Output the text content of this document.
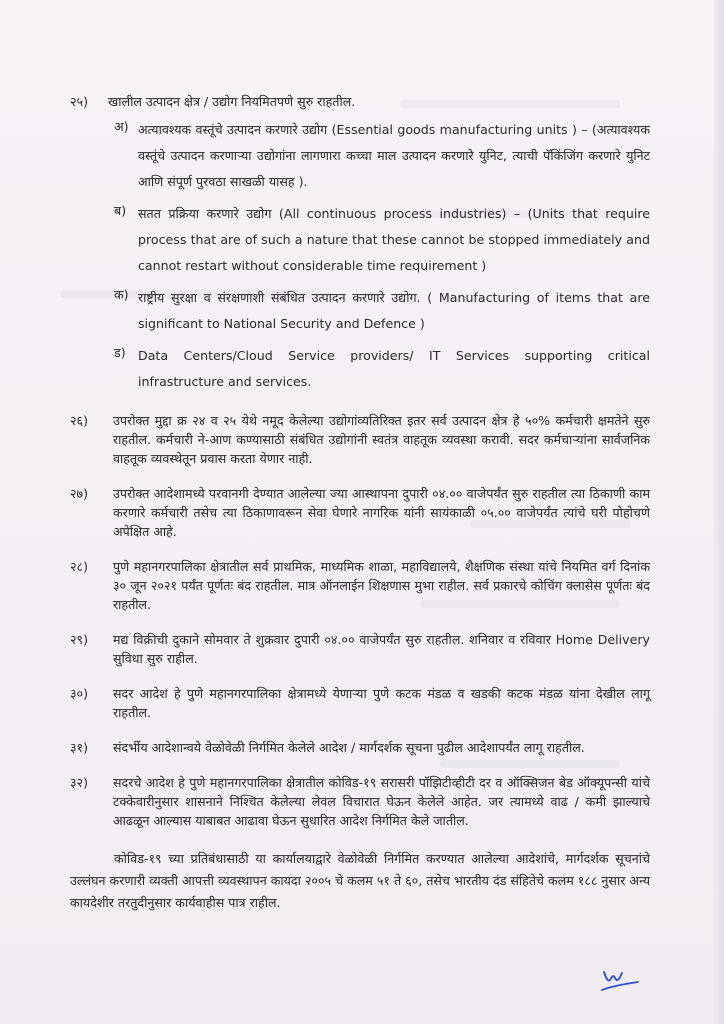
२५)	खालील उत्पादन क्षेत्र / उद्योग नियमितपणे सुरु राहतील.
अ) अत्यावश्यक वस्तूंचे उत्पादन करणारे उद्योग (Essential goods manufacturing units ) – (अत्यावश्यक वस्तूंचे उत्पादन करणाऱ्या उद्योगांना लागणारा कच्चा माल उत्पादन करणारे युनिट, त्याची पॅकिंजिंग करणारे युनिट आणि संपूर्ण पुरवठा साखळी यासह ).
ब) सतत प्रक्रिया करणारे उद्योग (All continuous process industries) – (Units that require process that are of such a nature that these cannot be stopped immediately and cannot restart without considerable time requirement )
क) राष्ट्रीय सुरक्षा व संरक्षणाशी संबंधित उत्पादन करणारे उद्योग. ( Manufacturing of items that are significant to National Security and Defence )
ड) Data Centers/Cloud Service providers/ IT Services supporting critical infrastructure and services.
२६)	उपरोक्त मुद्दा क्र २४ व २५ येथे नमूद केलेल्या उद्योगांव्यतिरिक्त इतर सर्व उत्पादन क्षेत्र हे ५०% कर्मचारी क्षमतेने सुरु राहतील. कर्मचारी ने-आण कण्यासाठी संबंधित उद्योगांनी स्वतंत्र वाहतूक व्यवस्था करावी. सदर कर्मचाऱ्यांना सार्वजनिक वाहतूक व्यवस्थेतून प्रवास करता येणार नाही.
२७)	उपरोक्त आदेशामध्ये परवानगी देण्यात आलेल्या ज्या आस्थापना दुपारी ०४.०० वाजेपर्यंत सुरु राहतील त्या ठिकाणी काम करणारे कर्मचारी तसेच त्या ठिकाणावरून सेवा घेणारे नागरिक यांनी सायंकाळी ०५.०० वाजेपर्यंत त्यांचे घरी पोहोचणे अपेक्षित आहे.
२८)	पुणे महानगरपालिका क्षेत्रातील सर्व प्राथमिक, माध्यमिक शाळा, महाविद्यालये, शैक्षणिक संस्था यांचे नियमित वर्ग दिनांक ३० जून २०२१ पर्यंत पूर्णतः बंद राहतील. मात्र ऑनलाईन शिक्षणास मुभा राहील. सर्व प्रकारचे कोचिंग क्लासेस पूर्णतः बंद राहतील.
२९)	मद्य विक्रीची दुकाने सोमवार ते शुक्रवार दुपारी ०४.०० वाजेपर्यंत सुरु राहतील. शनिवार व रविवार Home Delivery सुविधा सुरु राहील.
३०)	सदर आदेश हे पुणे महानगरपालिका क्षेत्रामध्ये येणाऱ्या पुणे कटक मंडळ व खडकी कटक मंडळ यांना देखील लागू राहतील.
३१)	संदर्भीय आदेशान्वये वेळोवेळी निर्गमित केलेले आदेश / मार्गदर्शक सूचना पुढील आदेशापर्यंत लागू राहतील.
३२)	सदरचे आदेश हे पुणे महानगरपालिका क्षेत्रातील कोविड-१९ सरासरी पॉझिटीव्हीटी दर व ऑक्सिजन बेड ऑक्यूपन्सी यांचे टक्केवारीनुसार शासनाने निश्चित केलेल्या लेवल विचारात घेऊन केलेले आहेत. जर त्यामध्ये वाढ / कमी झाल्याचे आढळून आल्यास याबाबत आढावा घेऊन सुधारित आदेश निर्गमित केले जातील.
कोविड-१९ च्या प्रतिबंधासाठी या कार्यालयाद्वारे वेळोवेळी निर्गमित करण्यात आलेल्या आदेशांचे, मार्गदर्शक सूचनांचे उल्लंघन करणारी व्यक्ती आपत्ती व्यवस्थापन कायदा २००५ चे कलम ५१ ते ६०, तसेच भारतीय दंड संहितेचे कलम १८८ नुसार अन्य कायदेशीर तरतुदीनुसार कार्यवाहीस पात्र राहील.
